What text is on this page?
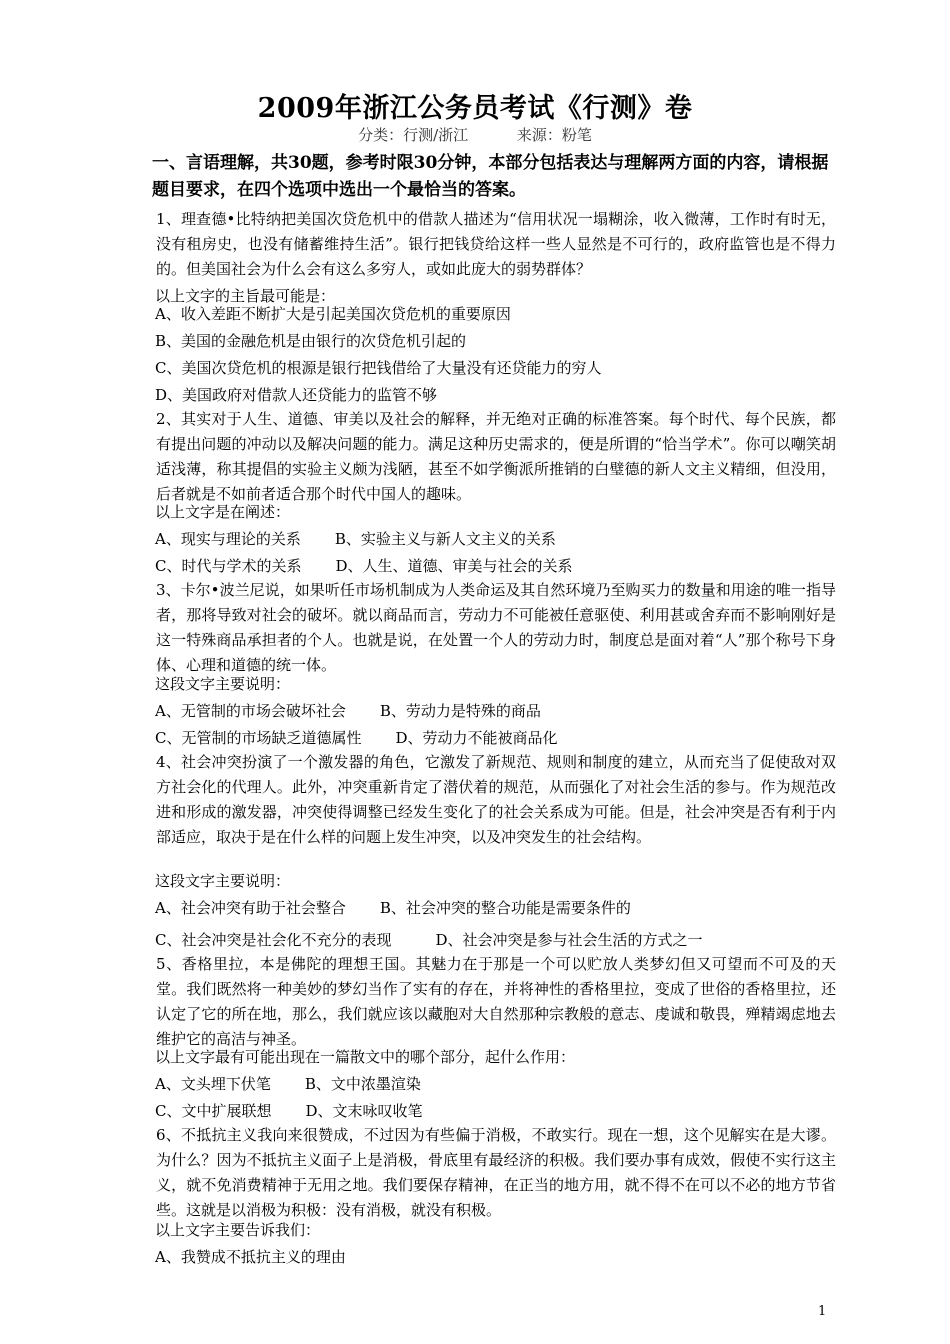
2009年浙江公务员考试《行测》卷
分类：行测/浙江	来源：粉笔
一、言语理解，共30题，参考时限30分钟，本部分包括表达与理解两方面的内容，请根据题目要求，在四个选项中选出一个最恰当的答案。
1、理查德•比特纳把美国次贷危机中的借款人描述为“信用状况一塌糊涂，收入微薄，工作时有时无，没有租房史，也没有储蓄维持生活”。银行把钱贷给这样一些人显然是不可行的，政府监管也是不得力的。但美国社会为什么会有这么多穷人，或如此庞大的弱势群体？
以上文字的主旨最可能是：
A、收入差距不断扩大是引起美国次贷危机的重要原因
B、美国的金融危机是由银行的次贷危机引起的
C、美国次贷危机的根源是银行把钱借给了大量没有还贷能力的穷人
D、美国政府对借款人还贷能力的监管不够
2、其实对于人生、道德、审美以及社会的解释，并无绝对正确的标准答案。每个时代、每个民族，都有提出问题的冲动以及解决问题的能力。满足这种历史需求的，便是所谓的“恰当学术”。你可以嘲笑胡适浅薄，称其提倡的实验主义颇为浅陋，甚至不如学衡派所推销的白璧德的新人文主义精细，但没用，后者就是不如前者适合那个时代中国人的趣味。
以上文字是在阐述：
A、现实与理论的关系 B、实验主义与新人文主义的关系
C、时代与学术的关系 D、人生、道德、审美与社会的关系
3、卡尔•波兰尼说，如果听任市场机制成为人类命运及其自然环境乃至购买力的数量和用途的唯一指导者，那将导致对社会的破坏。就以商品而言，劳动力不可能被任意驱使、利用甚或舍弃而不影响刚好是这一特殊商品承担者的个人。也就是说，在处置一个人的劳动力时，制度总是面对着“人”那个称号下身体、心理和道德的统一体。
这段文字主要说明：
A、无管制的市场会破坏社会 B、劳动力是特殊的商品
C、无管制的市场缺乏道德属性 D、劳动力不能被商品化
4、社会冲突扮演了一个激发器的角色，它激发了新规范、规则和制度的建立，从而充当了促使敌对双方社会化的代理人。此外，冲突重新肯定了潜伏着的规范，从而强化了对社会生活的参与。作为规范改进和形成的激发器，冲突使得调整已经发生变化了的社会关系成为可能。但是，社会冲突是否有利于内部适应，取决于是在什么样的问题上发生冲突，以及冲突发生的社会结构。
这段文字主要说明：
A、社会冲突有助于社会整合 B、社会冲突的整合功能是需要条件的
C、社会冲突是社会化不充分的表现	D、社会冲突是参与社会生活的方式之一
5、香格里拉，本是佛陀的理想王国。其魅力在于那是一个可以贮放人类梦幻但又可望而不可及的天堂。我们既然将一种美妙的梦幻当作了实有的存在，并将神性的香格里拉，变成了世俗的香格里拉，还认定了它的所在地，那么，我们就应该以藏胞对大自然那种宗教般的意志、虔诚和敬畏，殚精竭虑地去维护它的高洁与神圣。
以上文字最有可能出现在一篇散文中的哪个部分，起什么作用：
A、文头埋下伏笔 B、文中浓墨渲染
C、文中扩展联想 D、文末咏叹收笔
6、不抵抗主义我向来很赞成，不过因为有些偏于消极，不敢实行。现在一想，这个见解实在是大谬。为什么？因为不抵抗主义面子上是消极，骨底里有最经济的积极。我们要办事有成效，假使不实行这主义，就不免消费精神于无用之地。我们要保存精神，在正当的地方用，就不得不在可以不必的地方节省些。这就是以消极为积极：没有消极，就没有积极。
以上文字主要告诉我们：
A、我赞成不抵抗主义的理由
1
